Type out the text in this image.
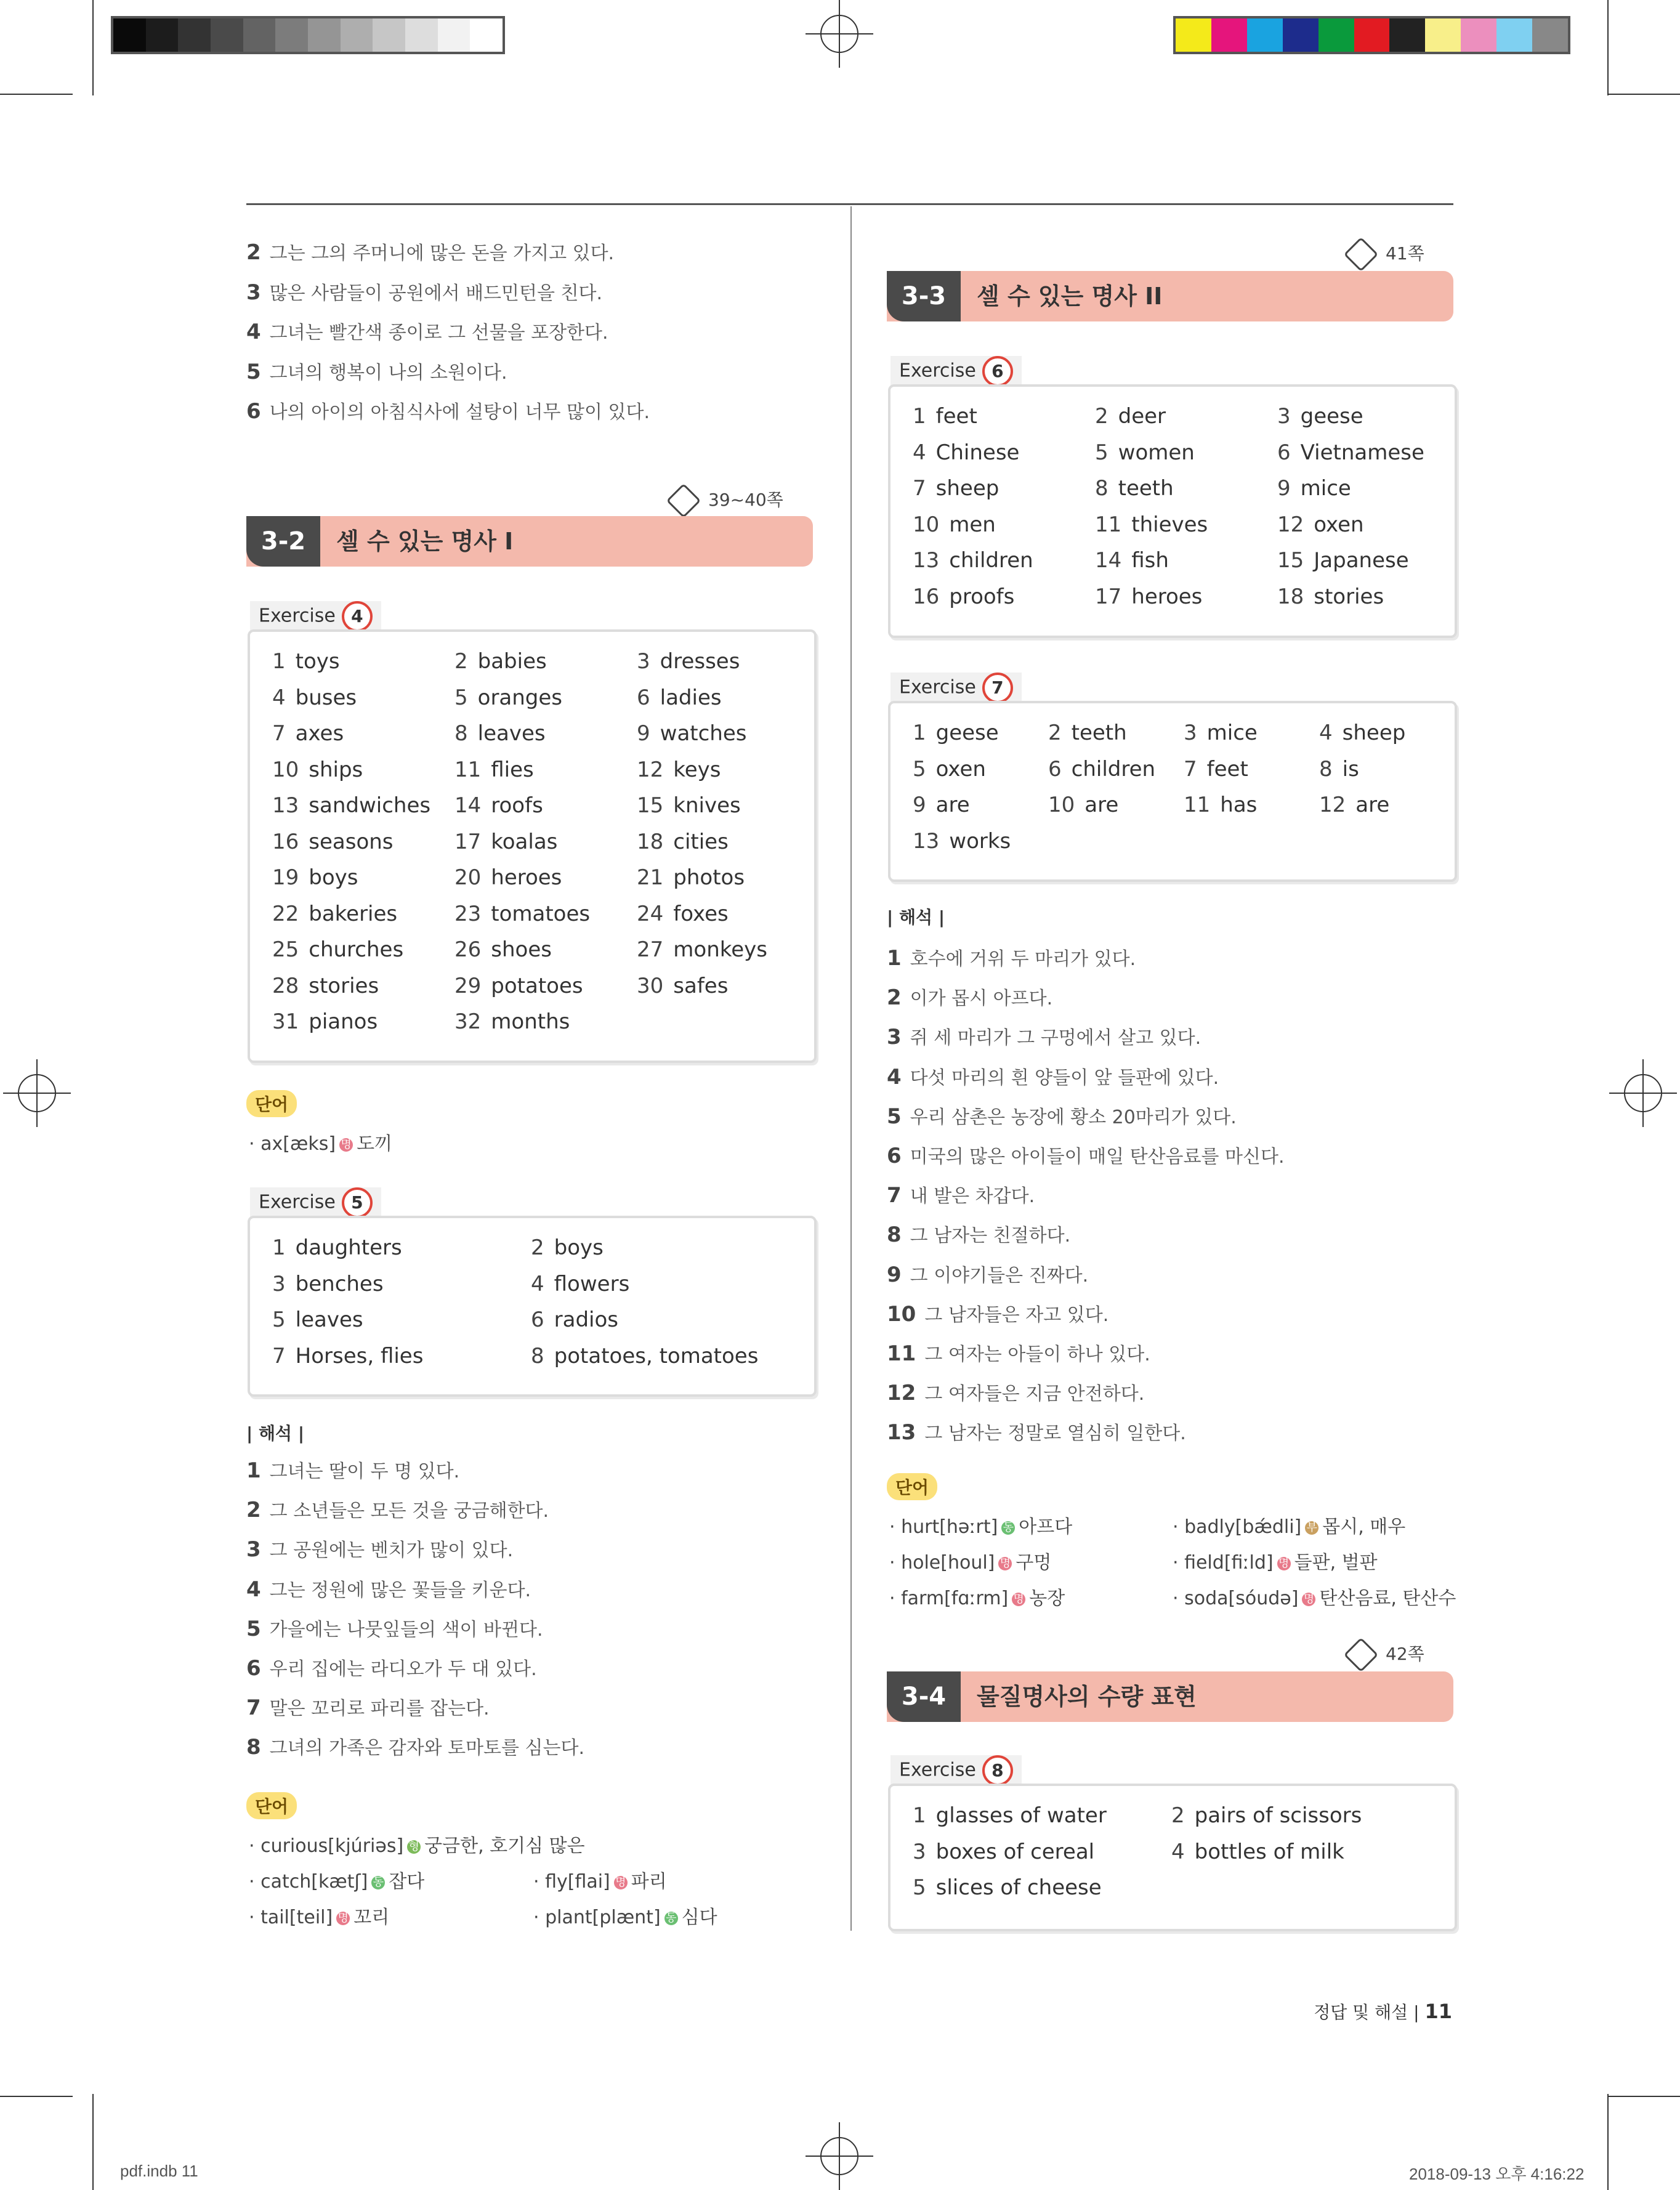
2 그는 그의 주머니에 많은 돈을 가지고 있다.
3 많은 사람들이 공원에서 배드민턴을 친다.
4 그녀는 빨간색 종이로 그 선물을 포장한다.
5 그녀의 행복이 나의 소원이다.
6 나의 아이의 아침식사에 설탕이 너무 많이 있다.
39~40쪽
3-2	셀 수 있는 명사 I
Exercise 4
1 toys	2 babies	3 dresses
4 buses	5 oranges	6 ladies
7 axes	8 leaves	9 watches
10 ships	11 flies	12 keys
13 sandwiches 14 roofs	15 knives
16 seasons	17 koalas	18 cities
19 boys	20 heroes	21 photos
22 bakeries	23 tomatoes 24 foxes
25 churches 26 shoes	27 monkeys
28 stories	29 potatoes	30 safes
31 pianos	32 months
단어
· ax[æks] 명 도끼
Exercise 5
1 daughters	2 boys
3 benches	4 flowers
5 leaves	6 radios
7 Horses, flies	8 potatoes, tomatoes
| 해석 |
1 그녀는 딸이 두 명 있다.
2 그 소년들은 모든 것을 궁금해한다.
3 그 공원에는 벤치가 많이 있다.
4 그는 정원에 많은 꽃들을 키운다.
5 가을에는 나뭇잎들의 색이 바뀐다.
6 우리 집에는 라디오가 두 대 있다.
7 말은 꼬리로 파리를 잡는다.
8 그녀의 가족은 감자와 토마토를 심는다.
단어
· curious[kjúriəs] 형 궁금한, 호기심 많은
· catch[kætʃ] 동 잡다	· fly[flai] 명 파리
· tail[teil] 명 꼬리	· plant[plænt] 동 심다
41쪽
3-3	셀 수 있는 명사 II
Exercise 6
1 feet	2 deer	3 geese
4 Chinese	5 women	6 Vietnamese
7 sheep	8 teeth	9 mice
10 men	11 thieves	12 oxen
13 children	14 fish	15 Japanese
16 proofs	17 heroes	18 stories
Exercise 7
1 geese 2 teeth	3 mice	4 sheep
5 oxen	6 children 7 feet	8 is
9 are	10 are	11 has	12 are
13 works
| 해석 |
1 호수에 거위 두 마리가 있다.
2 이가 몹시 아프다.
3 쥐 세 마리가 그 구멍에서 살고 있다.
4 다섯 마리의 흰 양들이 앞 들판에 있다.
5 우리 삼촌은 농장에 황소 20마리가 있다.
6 미국의 많은 아이들이 매일 탄산음료를 마신다.
7 내 발은 차갑다.
8 그 남자는 친절하다.
9 그 이야기들은 진짜다.
10 그 남자들은 자고 있다.
11 그 여자는 아들이 하나 있다.
12 그 여자들은 지금 안전하다.
13 그 남자는 정말로 열심히 일한다.
단어
· hurt[həːrt] 동 아프다	· badly[bǽdli] 부 몹시, 매우
· hole[houl] 명 구멍	· field[fiːld] 명 들판, 벌판
· farm[fɑːrm] 명 농장	· soda[sóudə] 명 탄산음료, 탄산수
42쪽
3-4	물질명사의 수량 표현
Exercise 8
1 glasses of water	2 pairs of scissors
3 boxes of cereal	4 bottles of milk
5 slices of cheese
정답 및 해설 | 11
pdf.indb 11	2018-09-13 오후 4:16:22
